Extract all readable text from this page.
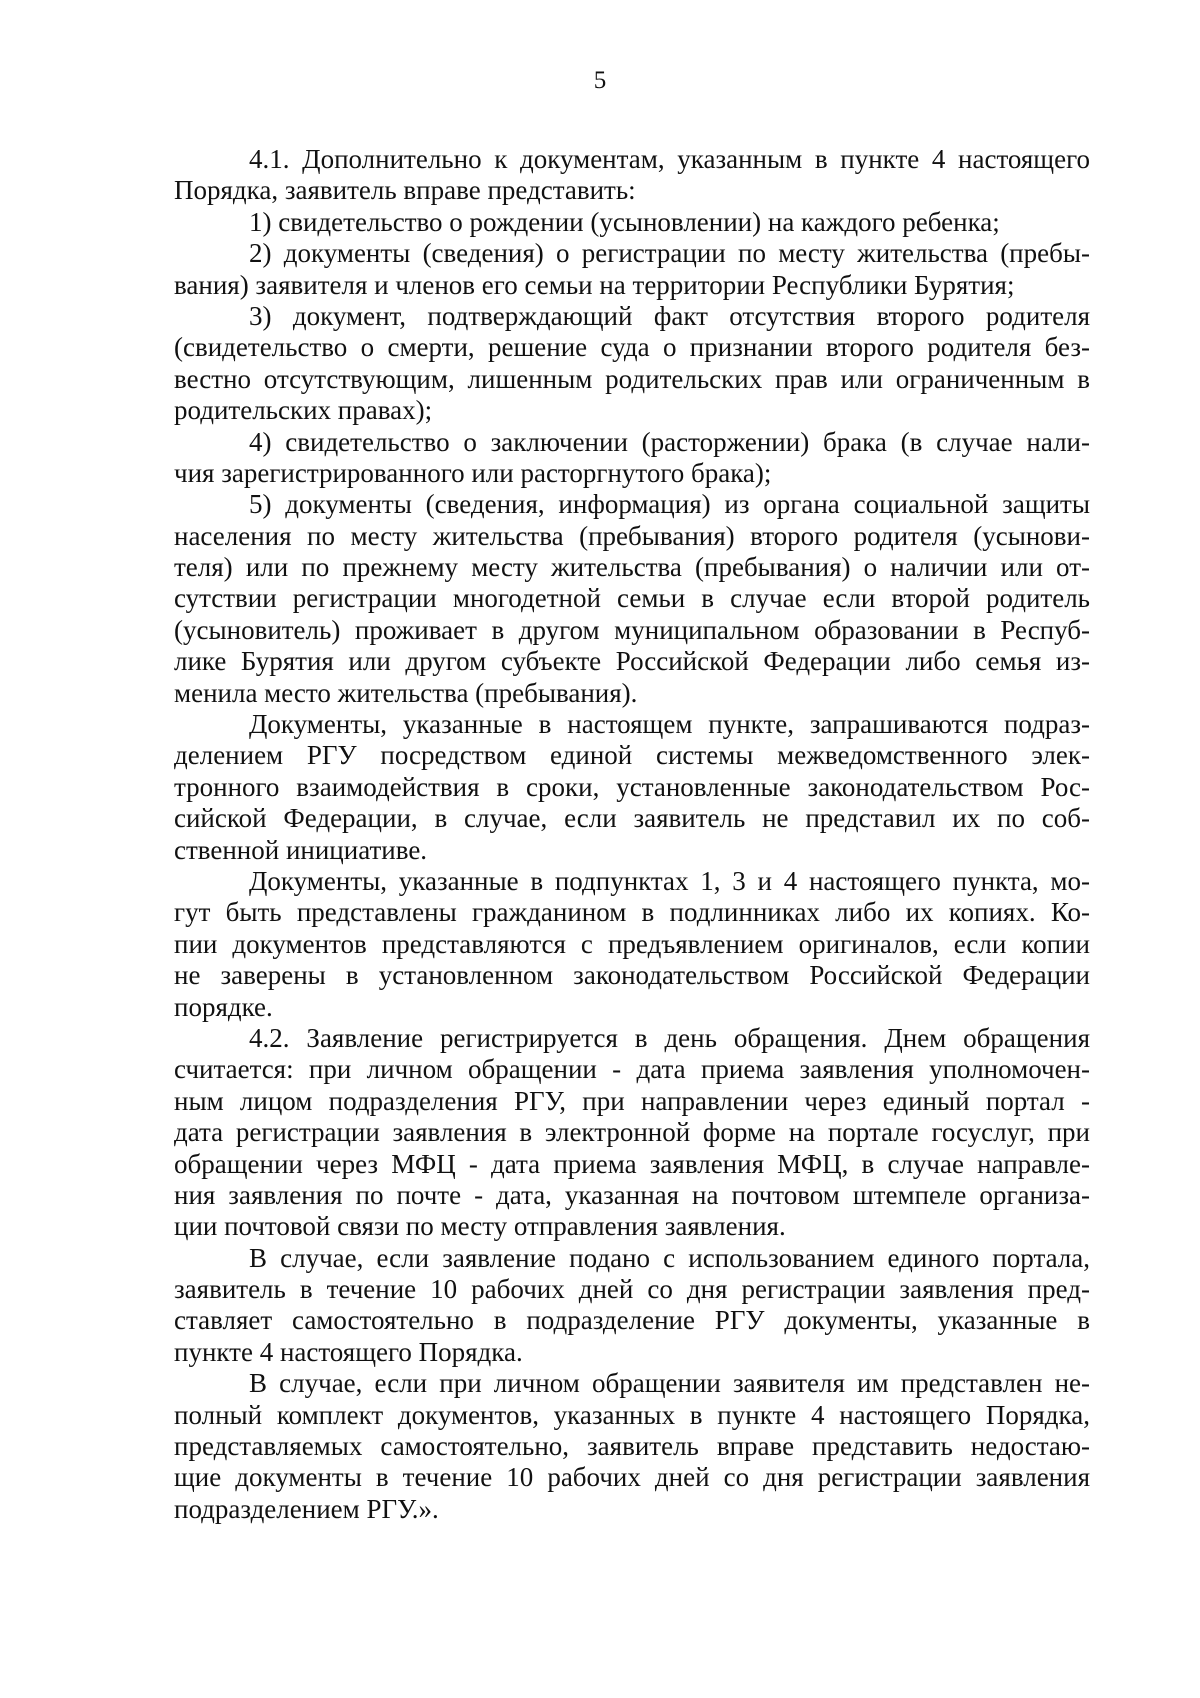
5
4.1. Дополнительно к документам, указанным в пункте 4 настоящего
Порядка, заявитель вправе представить:
1) свидетельство о рождении (усыновлении) на каждого ребенка;
2) документы (сведения) о регистрации по месту жительства (пребы-
вания) заявителя и членов его семьи на территории Республики Бурятия;
3) документ, подтверждающий факт отсутствия второго родителя
(свидетельство о смерти, решение суда о признании второго родителя без-
вестно отсутствующим, лишенным родительских прав или ограниченным в
родительских правах);
4) свидетельство о заключении (расторжении) брака (в случае нали-
чия зарегистрированного или расторгнутого брака);
5) документы (сведения, информация) из органа социальной защиты
населения по месту жительства (пребывания) второго родителя (усынови-
теля) или по прежнему месту жительства (пребывания) о наличии или от-
сутствии регистрации многодетной семьи в случае если второй родитель
(усыновитель) проживает в другом муниципальном образовании в Респуб-
лике Бурятия или другом субъекте Российской Федерации либо семья из-
менила место жительства (пребывания).
Документы, указанные в настоящем пункте, запрашиваются подраз-
делением РГУ посредством единой системы межведомственного элек-
тронного взаимодействия в сроки, установленные законодательством Рос-
сийской Федерации, в случае, если заявитель не представил их по соб-
ственной инициативе.
Документы, указанные в подпунктах 1, 3 и 4 настоящего пункта, мо-
гут быть представлены гражданином в подлинниках либо их копиях. Ко-
пии документов представляются с предъявлением оригиналов, если копии
не заверены в установленном законодательством Российской Федерации
порядке.
4.2. Заявление регистрируется в день обращения. Днем обращения
считается: при личном обращении - дата приема заявления уполномочен-
ным лицом подразделения РГУ, при направлении через единый портал -
дата регистрации заявления в электронной форме на портале госуслуг, при
обращении через МФЦ - дата приема заявления МФЦ, в случае направле-
ния заявления по почте - дата, указанная на почтовом штемпеле организа-
ции почтовой связи по месту отправления заявления.
В случае, если заявление подано с использованием единого портала,
заявитель в течение 10 рабочих дней со дня регистрации заявления пред-
ставляет самостоятельно в подразделение РГУ документы, указанные в
пункте 4 настоящего Порядка.
В случае, если при личном обращении заявителя им представлен не-
полный комплект документов, указанных в пункте 4 настоящего Порядка,
представляемых самостоятельно, заявитель вправе представить недостаю-
щие документы в течение 10 рабочих дней со дня регистрации заявления
подразделением РГУ.».
